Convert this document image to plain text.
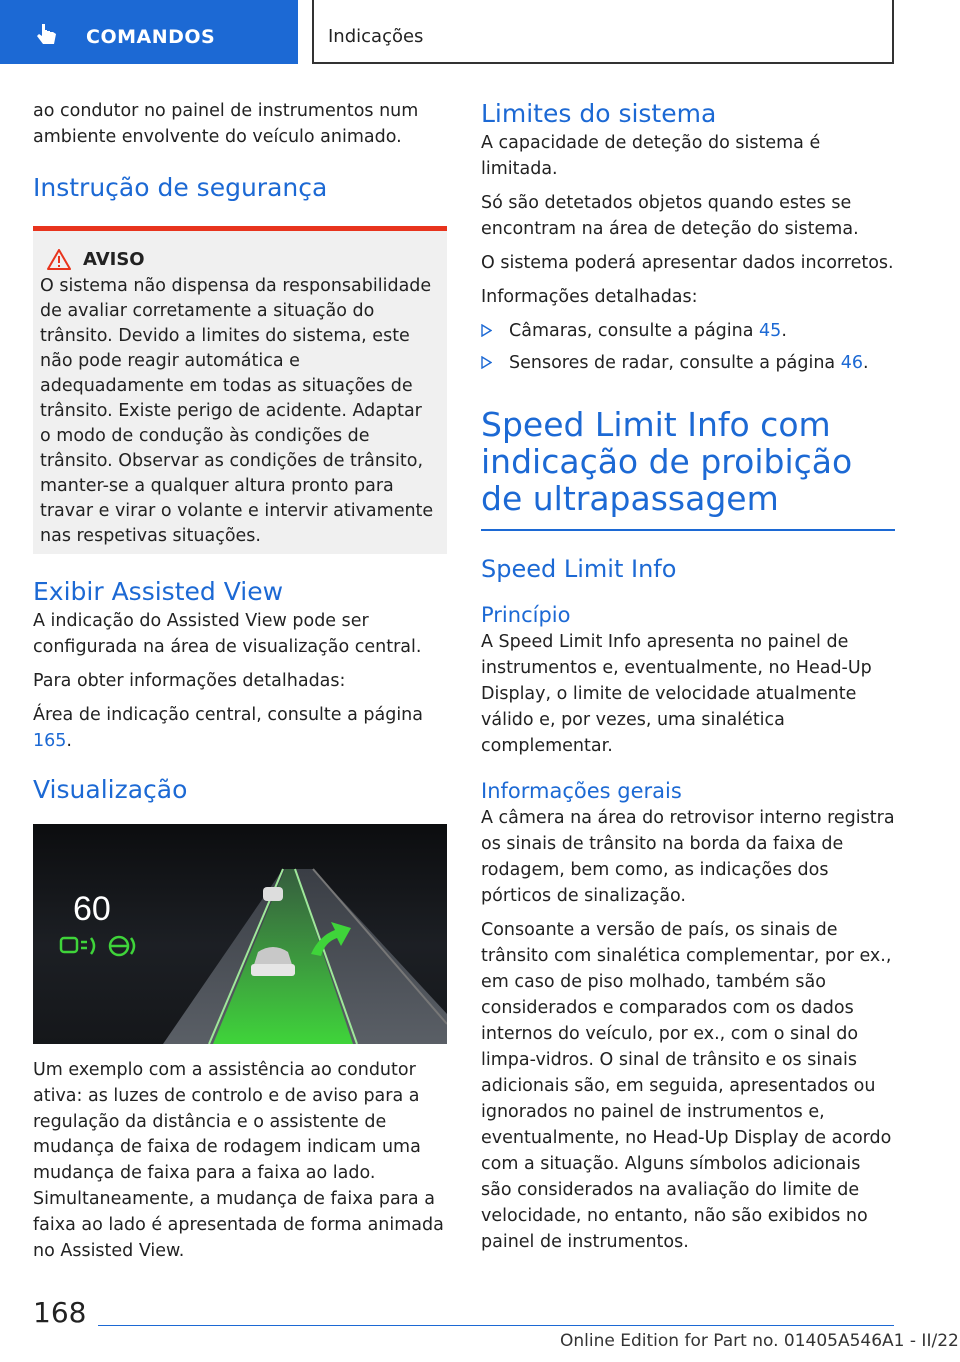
COMANDOS	Indicações

ao condutor no painel de instrumentos num ambiente envolvente do veículo animado.

Instrução de segurança
AVISO

O sistema não dispensa da responsabilidade de avaliar corretamente a situação do trânsito. Devido a limites do sistema, este não pode reagir automática e adequadamente em todas as situações de trânsito. Existe perigo de acidente. Adaptar o modo de condução às condições de trânsito. Observar as condições de trânsito, manter-se a qualquer altura pronto para travar e virar o volante e intervir ativamente nas respetivas situações.

Exibir Assisted View

A indicação do Assisted View pode ser configurada na área de visualização central.

Para obter informações detalhadas:

Área de indicação central, consulte a página 165.

Visualização
60

Um exemplo com a assistência ao condutor ativa: as luzes de controlo e de aviso para a regulação da distância e o assistente de mudança de faixa de rodagem indicam uma mudança de faixa para a faixa ao lado. Simultaneamente, a mudança de faixa para a faixa ao lado é apresentada de forma animada no Assisted View.

Limites do sistema

A capacidade de deteção do sistema é limitada.

Só são detetados objetos quando estes se encontram na área de deteção do sistema.

O sistema poderá apresentar dados incorretos.

Informações detalhadas:

Câmaras, consulte a página 45.
Sensores de radar, consulte a página 46.
Speed Limit Info com indicação de proibição de ultrapassagem
Speed Limit Info
Princípio

A Speed Limit Info apresenta no painel de instrumentos e, eventualmente, no Head-Up Display, o limite de velocidade atualmente válido e, por vezes, uma sinalética complementar.

Informações gerais

A câmera na área do retrovisor interno registra os sinais de trânsito na borda da faixa de rodagem, bem como, as indicações dos pórticos de sinalização.

Consoante a versão de país, os sinais de trânsito com sinalética complementar, por ex., em caso de piso molhado, também são considerados e comparados com os dados internos do veículo, por ex., com o sinal do limpa-vidros. O sinal de trânsito e os sinais adicionais são, em seguida, apresentados ou ignorados no painel de instrumentos e, eventualmente, no Head-Up Display de acordo com a situação. Alguns símbolos adicionais são considerados na avaliação do limite de velocidade, no entanto, não são exibidos no painel de instrumentos.

168
Online Edition for Part no. 01405A546A1 - II/22
